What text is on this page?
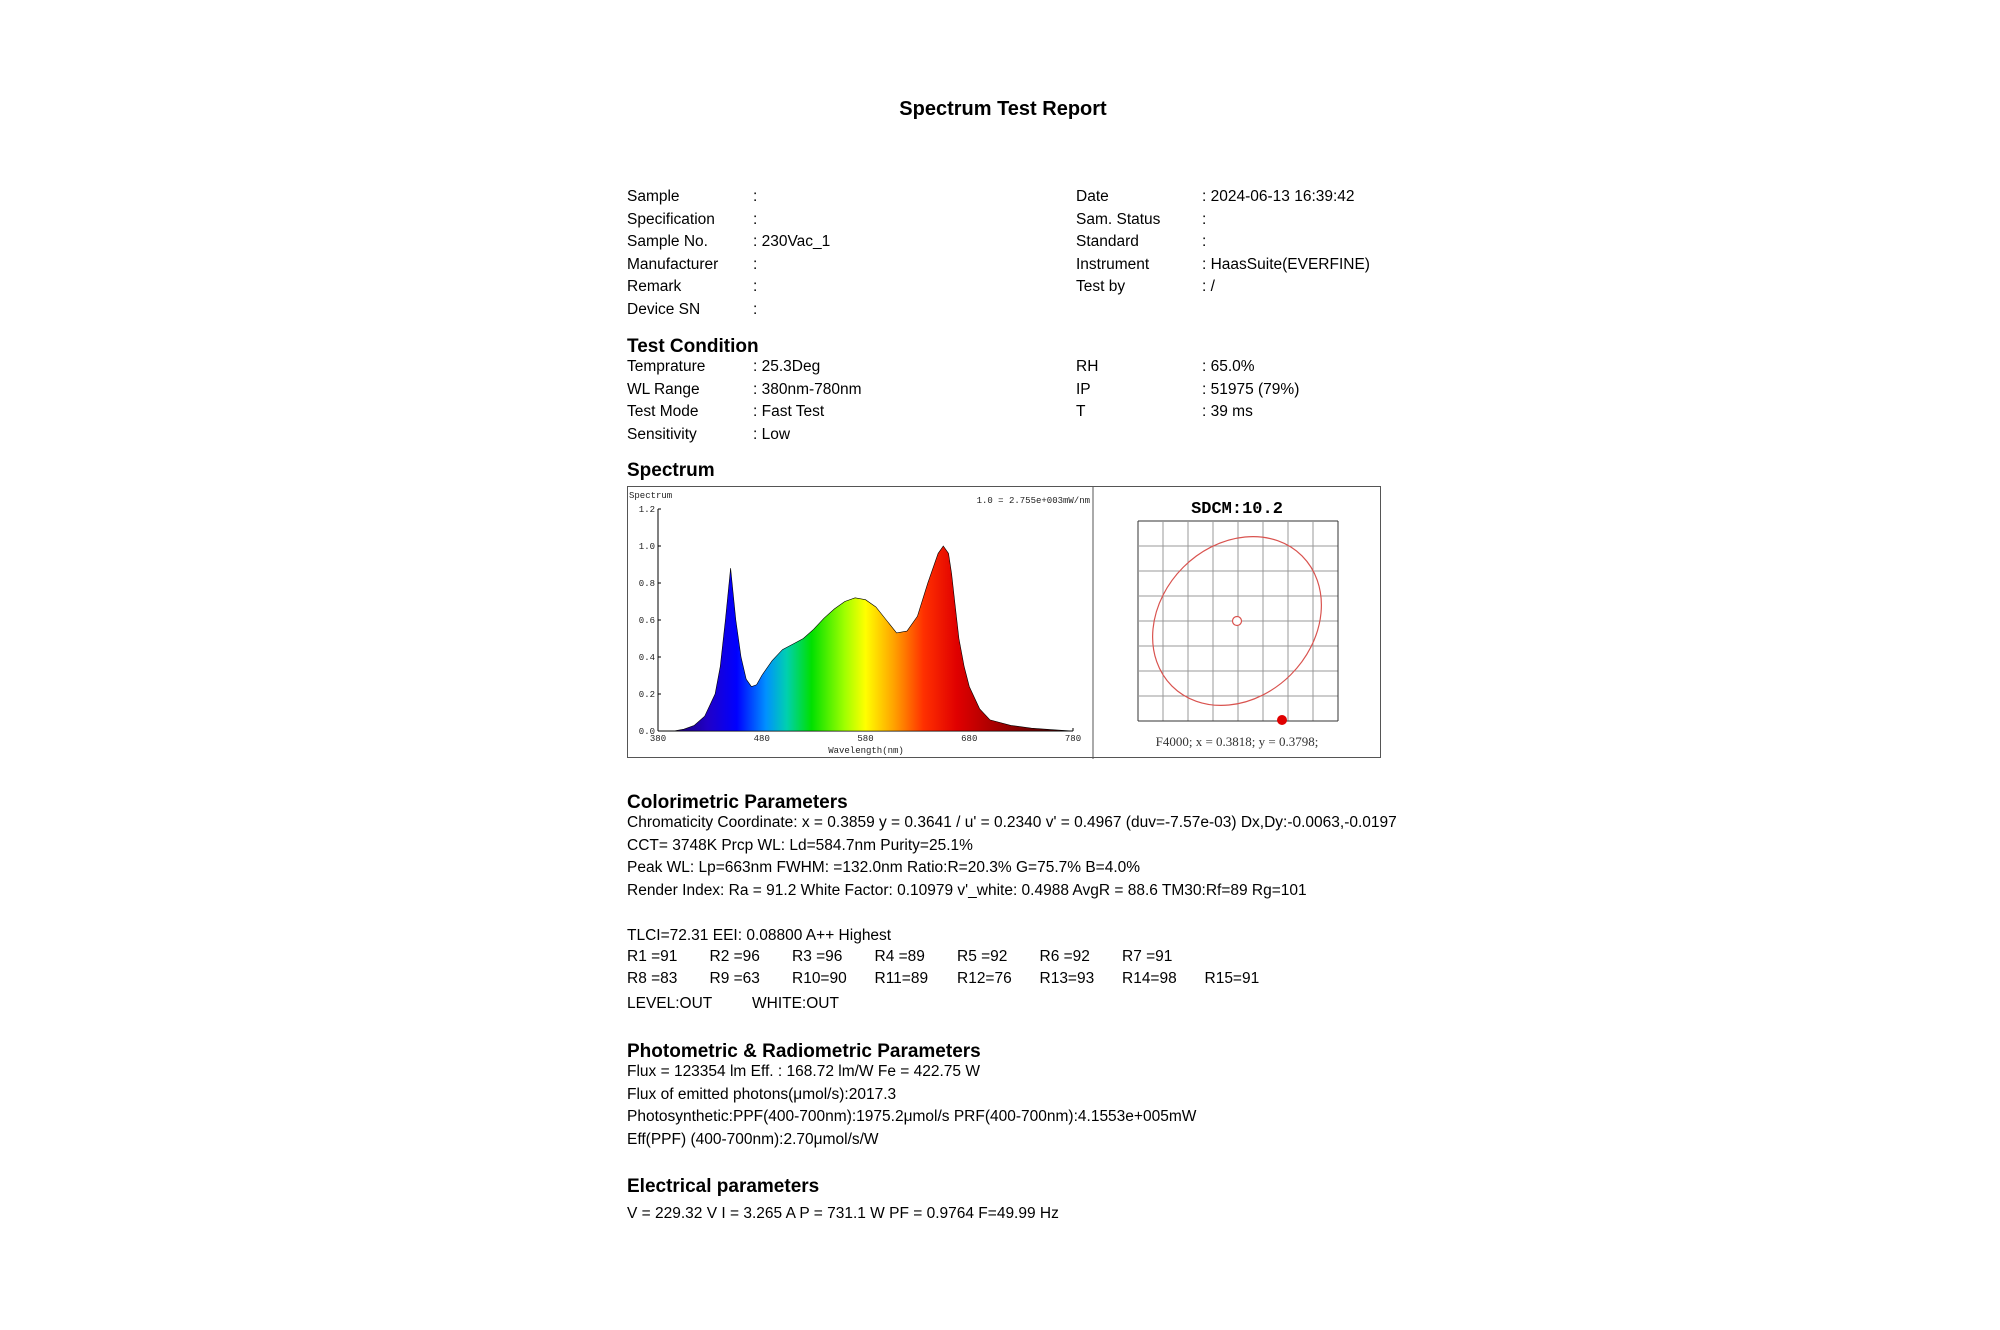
Spectrum Test Report
Sample	:
Specification :
Sample No.	: 230Vac_1
Manufacturer :
Remark	:
Device SN	:
Date	: 2024-06-13 16:39:42
Sam. Status	:
Standard	:
Instrument	: HaasSuite(EVERFINE)
Test by	: /
Test Condition
Temprature	: 25.3Deg
WL Range	: 380nm-780nm
Test Mode	: Fast Test
Sensitivity	: Low
RH	: 65.0%
IP	: 51975 (79%)
T	: 39 ms
Spectrum
Spectrum	1.0 = 2.755e+003mW/nm
0.0
0.2
0.4
0.6
0.8
1.0
1.2
380	480	580	680	780
Wavelength(nm)
SDCM:10.2
F4000; x = 0.3818; y = 0.3798;
Colorimetric Parameters
Chromaticity Coordinate: x = 0.3859 y = 0.3641 / u' = 0.2340 v' = 0.4967 (duv=-7.57e-03) Dx,Dy:-0.0063,-0.0197
CCT= 3748K Prcp WL: Ld=584.7nm Purity=25.1%
Peak WL: Lp=663nm FWHM: =132.0nm Ratio:R=20.3% G=75.7% B=4.0%
Render Index: Ra = 91.2 White Factor: 0.10979 v'_white: 0.4988 AvgR = 88.6 TM30:Rf=89 Rg=101
TLCI=72.31 EEI: 0.08800 A++ Highest
R1 =91 R2 =96 R3 =96 R4 =89 R5 =92 R6 =92 R7 =91
R8 =83 R9 =63 R10=90 R11=89 R12=76 R13=93 R14=98 R15=91
LEVEL:OUT	WHITE:OUT
Photometric & Radiometric Parameters
Flux = 123354 lm Eff. : 168.72 lm/W Fe = 422.75 W
Flux of emitted photons(μmol/s):2017.3
Photosynthetic:PPF(400-700nm):1975.2μmol/s PRF(400-700nm):4.1553e+005mW
Eff(PPF) (400-700nm):2.70μmol/s/W
Electrical parameters
V = 229.32 V I = 3.265 A P = 731.1 W PF = 0.9764 F=49.99 Hz
